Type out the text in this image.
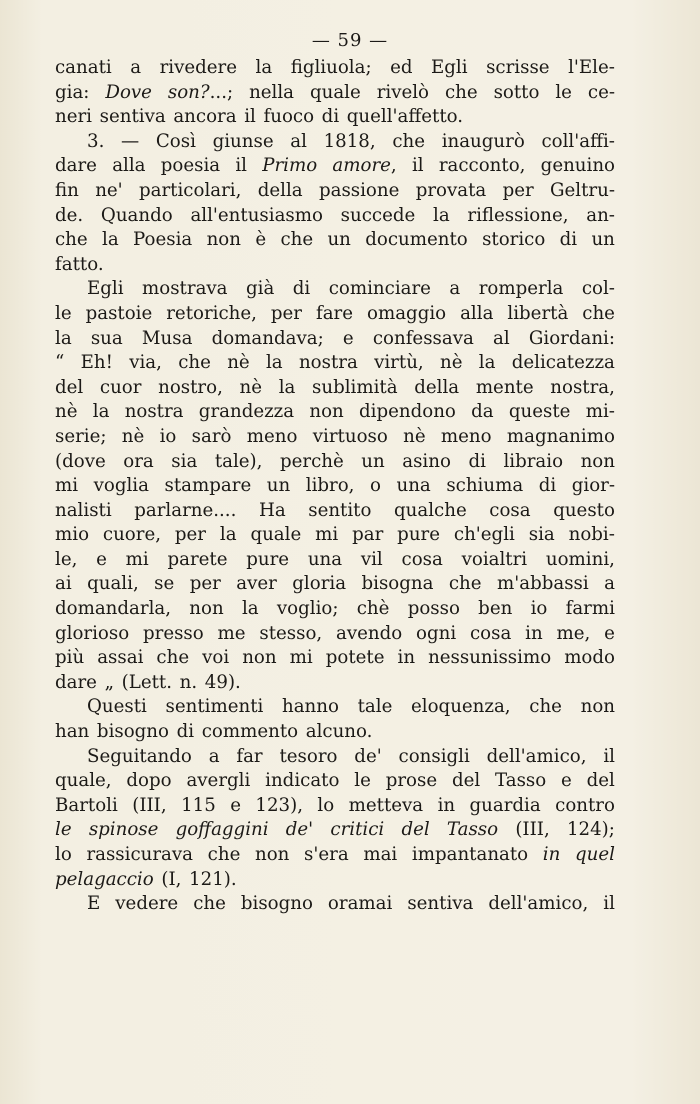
— 59 —
canati a rivedere la figliuola; ed Egli scrisse l'Ele-
gia: Dove son?...; nella quale rivelò che sotto le ce-
neri sentiva ancora il fuoco di quell'affetto.
3. — Così giunse al 1818, che inaugurò coll'affi-
dare alla poesia il Primo amore, il racconto, genuino
fin ne' particolari, della passione provata per Geltru-
de. Quando all'entusiasmo succede la riflessione, an-
che la Poesia non è che un documento storico di un
fatto.
Egli mostrava già di cominciare a romperla col-
le pastoie retoriche, per fare omaggio alla libertà che
la sua Musa domandava; e confessava al Giordani:
“ Eh! via, che nè la nostra virtù, nè la delicatezza
del cuor nostro, nè la sublimità della mente nostra,
nè la nostra grandezza non dipendono da queste mi-
serie; nè io sarò meno virtuoso nè meno magnanimo
(dove ora sia tale), perchè un asino di libraio non
mi voglia stampare un libro, o una schiuma di gior-
nalisti parlarne.... Ha sentito qualche cosa questo
mio cuore, per la quale mi par pure ch'egli sia nobi-
le, e mi parete pure una vil cosa voialtri uomini,
ai quali, se per aver gloria bisogna che m'abbassi a
domandarla, non la voglio; chè posso ben io farmi
glorioso presso me stesso, avendo ogni cosa in me, e
più assai che voi non mi potete in nessunissimo modo
dare „ (Lett. n. 49).
Questi sentimenti hanno tale eloquenza, che non
han bisogno di commento alcuno.
Seguitando a far tesoro de' consigli dell'amico, il
quale, dopo avergli indicato le prose del Tasso e del
Bartoli (III, 115 e 123), lo metteva in guardia contro
le spinose goffaggini de' critici del Tasso (III, 124);
lo rassicurava che non s'era mai impantanato in quel
pelagaccio (I, 121).
E vedere che bisogno oramai sentiva dell'amico, il
